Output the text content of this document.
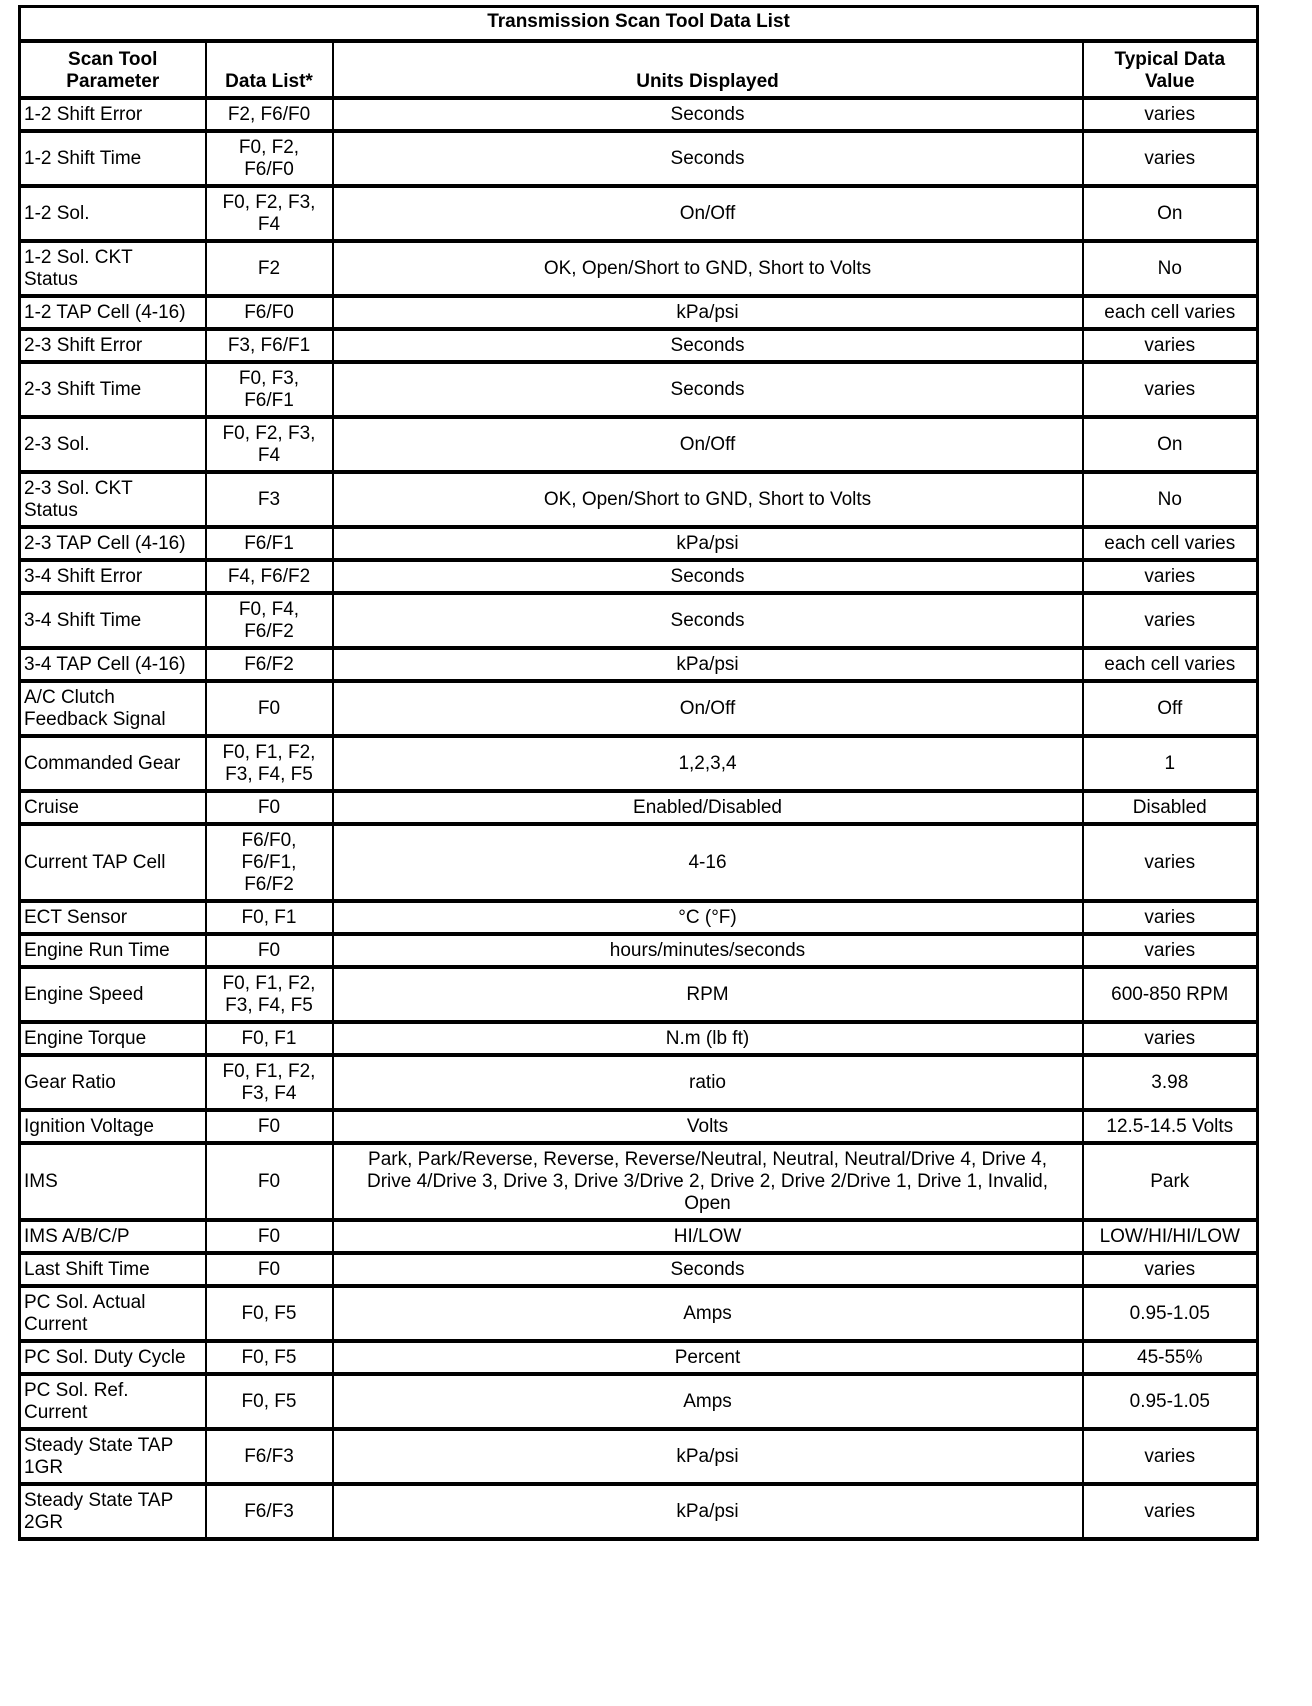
Transmission Scan Tool Data List			
Scan Tool
Parameter	Data List*	Units Displayed	Typical Data
Value
1-2 Shift Error	F2, F6/F0	Seconds	varies
1-2 Shift Time	F0, F2,
F6/F0	Seconds	varies
1-2 Sol.	F0, F2, F3,
F4	On/Off	On
1-2 Sol. CKT
Status	F2	OK, Open/Short to GND, Short to Volts	No
1-2 TAP Cell (4-16)	F6/F0	kPa/psi	each cell varies
2-3 Shift Error	F3, F6/F1	Seconds	varies
2-3 Shift Time	F0, F3,
F6/F1	Seconds	varies
2-3 Sol.	F0, F2, F3,
F4	On/Off	On
2-3 Sol. CKT
Status	F3	OK, Open/Short to GND, Short to Volts	No
2-3 TAP Cell (4-16)	F6/F1	kPa/psi	each cell varies
3-4 Shift Error	F4, F6/F2	Seconds	varies
3-4 Shift Time	F0, F4,
F6/F2	Seconds	varies
3-4 TAP Cell (4-16)	F6/F2	kPa/psi	each cell varies
A/C Clutch
Feedback Signal	F0	On/Off	Off
Commanded Gear	F0, F1, F2,
F3, F4, F5	1,2,3,4	1
Cruise	F0	Enabled/Disabled	Disabled
Current TAP Cell	F6/F0,
F6/F1,
F6/F2	4-16	varies
ECT Sensor	F0, F1	°C (°F)	varies
Engine Run Time	F0	hours/minutes/seconds	varies
Engine Speed	F0, F1, F2,
F3, F4, F5	RPM	600-850 RPM
Engine Torque	F0, F1	N.m (lb ft)	varies
Gear Ratio	F0, F1, F2,
F3, F4	ratio	3.98
Ignition Voltage	F0	Volts	12.5-14.5 Volts
IMS	F0	Park, Park/Reverse, Reverse, Reverse/Neutral, Neutral, Neutral/Drive 4, Drive 4,
Drive 4/Drive 3, Drive 3, Drive 3/Drive 2, Drive 2, Drive 2/Drive 1, Drive 1, Invalid,
Open	Park
IMS A/B/C/P	F0	HI/LOW	LOW/HI/HI/LOW
Last Shift Time	F0	Seconds	varies
PC Sol. Actual
Current	F0, F5	Amps	0.95-1.05
PC Sol. Duty Cycle	F0, F5	Percent	45-55%
PC Sol. Ref.
Current	F0, F5	Amps	0.95-1.05
Steady State TAP
1GR	F6/F3	kPa/psi	varies
Steady State TAP
2GR	F6/F3	kPa/psi	varies
